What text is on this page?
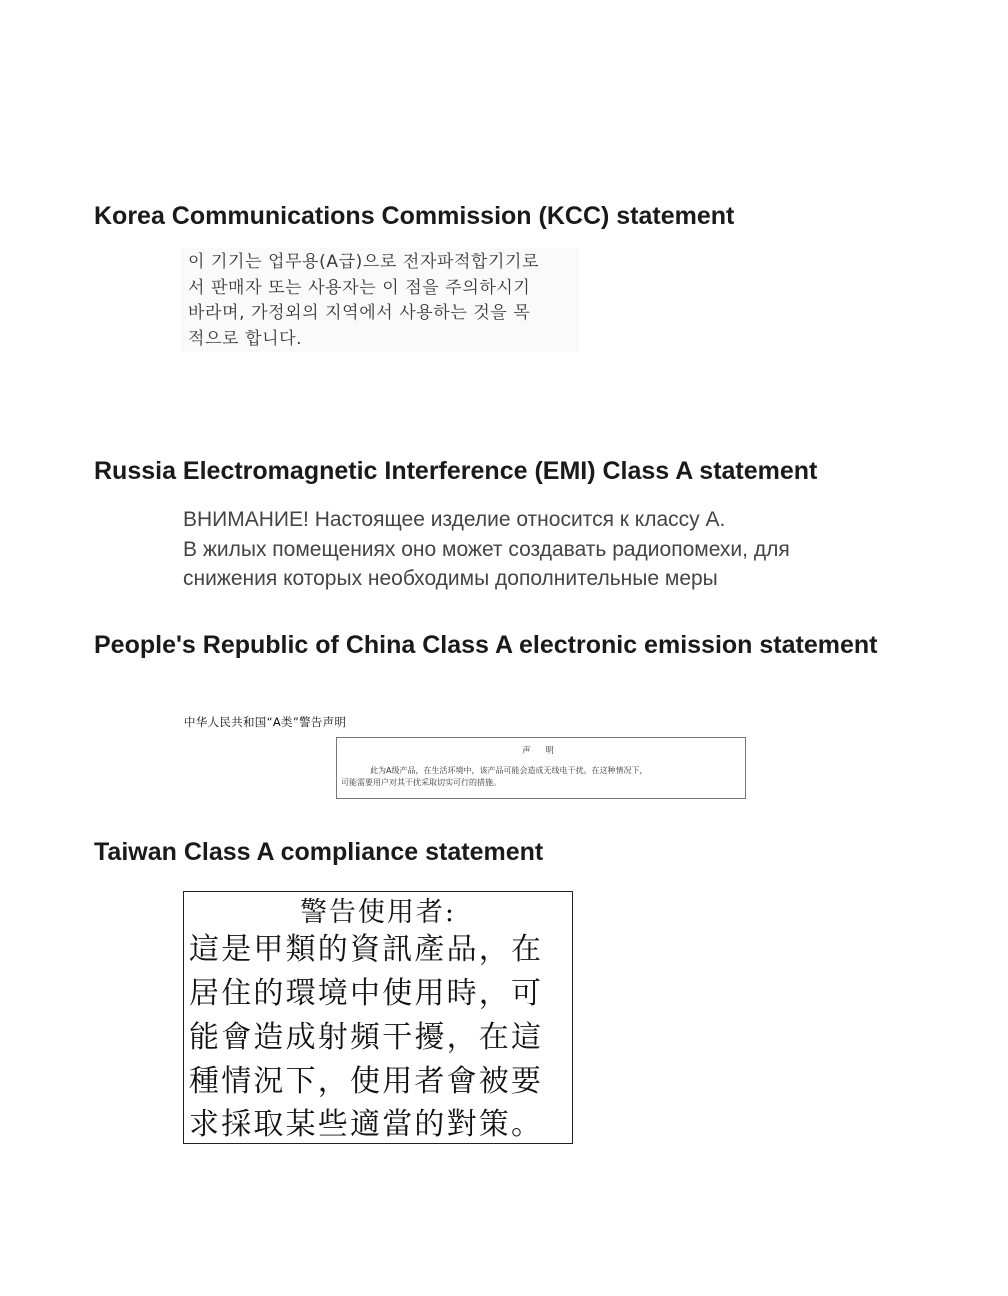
Korea Communications Commission (KCC) statement
이 기기는 업무용(A급)으로 전자파적합기기로
서 판매자 또는 사용자는 이 점을 주의하시기
바라며, 가정외의 지역에서 사용하는 것을 목
적으로 합니다.
Russia Electromagnetic Interference (EMI) Class A statement
ВНИМАНИЕ! Настоящее изделие относится к классу А.
В жилых помещениях оно может создавать радиопомехи, для
снижения которых необходимы дополнительные меры
People's Republic of China Class A electronic emission statement
中华人民共和国“A类”警告声明
声 明
此为A级产品，在生活环境中，该产品可能会造成无线电干扰。在这种情况下，
可能需要用户对其干扰采取切实可行的措施。
Taiwan Class A compliance statement
警告使用者:
這是甲類的資訊產品，在
居住的環境中使用時，可
能會造成射頻干擾，在這
種情況下，使用者會被要
求採取某些適當的對策。
